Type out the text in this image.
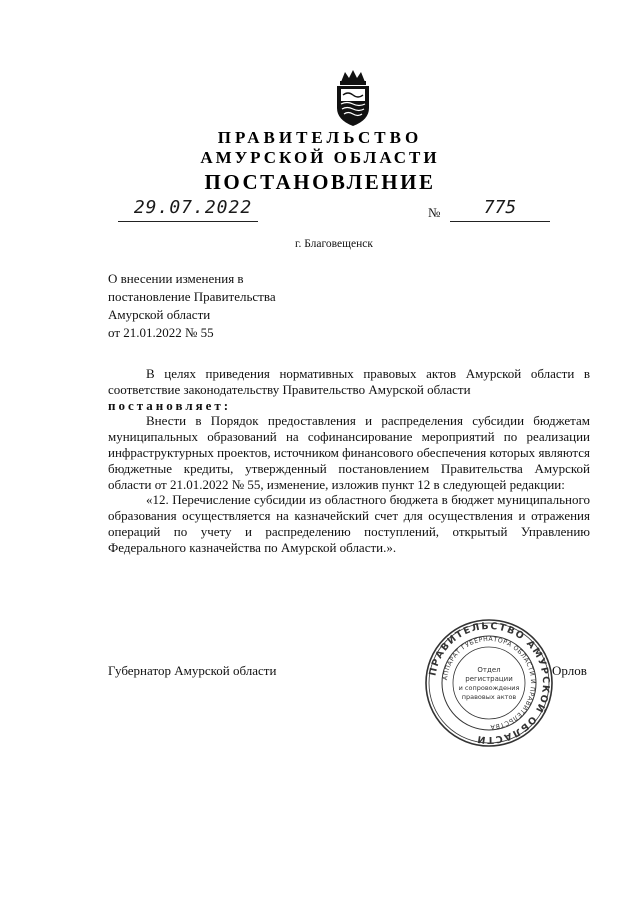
ПРАВИТЕЛЬСТВО
АМУРСКОЙ ОБЛАСТИ
ПОСТАНОВЛЕНИЕ
29.07.2022	№	775
г. Благовещенск
О внесении изменения в
постановление Правительства
Амурской области
от 21.01.2022 № 55

В целях приведения нормативных правовых актов Амурской области в соответствие законодательству Правительство Амурской области

постановляет:

Внести в Порядок предоставления и распределения субсидии бюджетам муниципальных образований на софинансирование мероприятий по реализации инфраструктурных проектов, источником финансового обеспечения которых являются бюджетные кредиты, утвержденный постановлением Правительства Амурской области от 21.01.2022 № 55, изменение, изложив пункт 12 в следующей редакции:

«12. Перечисление субсидии из областного бюджета в бюджет муниципального образования осуществляется на казначейский счет для осуществления и отражения операций по учету и распределению поступлений, открытый Управлению Федерального казначейства по Амурской области.».

Губернатор Амурской области	Орлов
ПРАВИТЕЛЬСТВО АМУРСКОЙ ОБЛАСТИ
АППАРАТ ГУБЕРНАТОРА ОБЛАСТИ И ПРАВИТЕЛЬСТВА
Отдел
регистрации
и сопровождения
правовых актов
